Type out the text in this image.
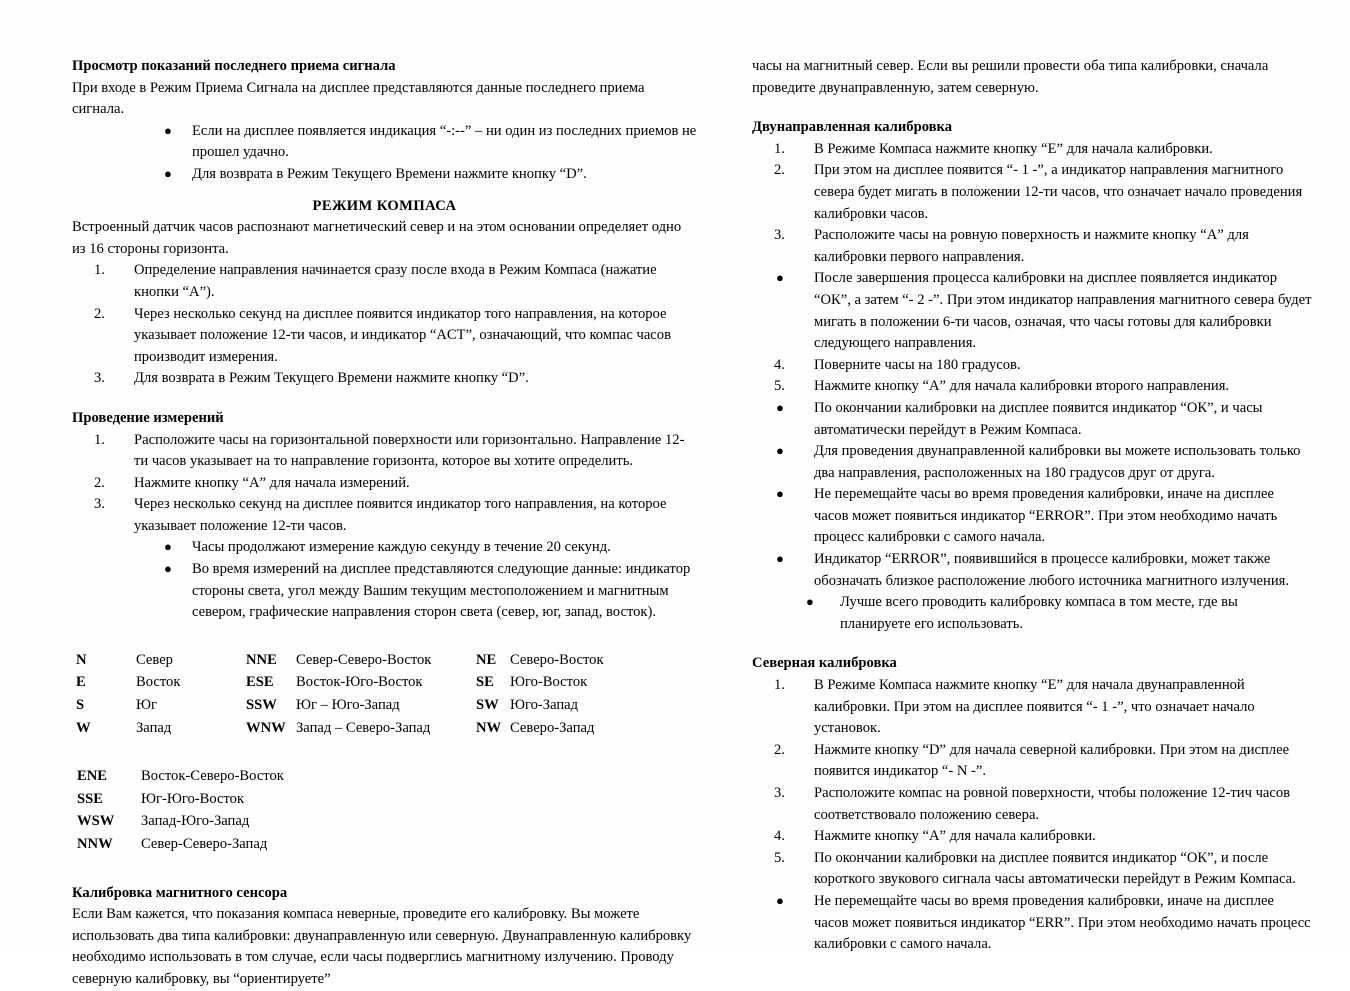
Просмотр показаний последнего приема сигнала

При входе в Режим Приема Сигнала на дисплее представляются данные последнего приема сигнала.

● Если на дисплее появляется индикация “-:--” – ни один из последних приемов не прошел удачно.
● Для возврата в Режим Текущего Времени нажмите кнопку “D”.
РЕЖИМ КОМПАСА

Встроенный датчик часов распознают магнетический север и на этом основании определяет одно из 16 стороны горизонта.

1.	Определение направления начинается сразу после входа в Режим Компаса (нажатие кнопки “А”).
2.	Через несколько секунд на дисплее появится индикатор того направления, на которое указывает положение 12-ти часов, и индикатор “ACT”, означающий, что компас часов производит измерения.
3.	Для возврата в Режим Текущего Времени нажмите кнопку “D”.
Проведение измерений
1.	Расположите часы на горизонтальной поверхности или горизонтально. Направление 12-ти часов указывает на то направление горизонта, которое вы хотите определить.
2.	Нажмите кнопку “А” для начала измерений.
3.	Через несколько секунд на дисплее появится индикатор того направления, на которое указывает положение 12-ти часов.
● Часы продолжают измерение каждую секунду в течение 20 секунд.
● Во время измерений на дисплее представляются следующие данные: индикатор стороны света, угол между Вашим текущим местоположением и магнитным севером, графические направления сторон света (север, юг, запад, восток).
N	Север	NNE	Север-Северо-Восток	NE	Северо-Восток
E	Восток	ESE	Восток-Юго-Восток	SE	Юго-Восток
S	Юг	SSW	Юг – Юго-Запад	SW	Юго-Запад
W	Запад	WNW	Запад – Северо-Запад	NW	Северо-Запад
ENE	Восток-Северо-Восток
SSE	Юг-Юго-Восток
WSW	Запад-Юго-Запад
NNW	Север-Северо-Запад
Калибровка магнитного сенсора

Если Вам кажется, что показания компаса неверные, проведите его калибровку. Вы можете использовать два типа калибровки: двунаправленную или северную. Двунаправленную калибровку необходимо использовать в том случае, если часы подверглись магнитному излучению. Проводу северную калибровку, вы “ориентируете”

часы на магнитный север. Если вы решили провести оба типа калибровки, сначала проведите двунаправленную, затем северную.

Двунаправленная калибровка
1.	В Режиме Компаса нажмите кнопку “Е” для начала калибровки.
2.	При этом на дисплее появится “- 1 -”, а индикатор направления магнитного севера будет мигать в положении 12-ти часов, что означает начало проведения калибровки часов.
3.	Расположите часы на ровную поверхность и нажмите кнопку “А” для калибровки первого направления.
● После завершения процесса калибровки на дисплее появляется индикатор “ОК”, а затем “- 2 -”. При этом индикатор направления магнитного севера будет мигать в положении 6-ти часов, означая, что часы готовы для калибровки следующего направления.
4.	Поверните часы на 180 градусов.
5.	Нажмите кнопку “А” для начала калибровки второго направления.
● По окончании калибровки на дисплее появится индикатор “ОК”, и часы автоматически перейдут в Режим Компаса.
● Для проведения двунаправленной калибровки вы можете использовать только два направления, расположенных на 180 градусов друг от друга.
● Не перемещайте часы во время проведения калибровки, иначе на дисплее часов может появиться индикатор “ERROR”. При этом необходимо начать процесс калибровки с самого начала.
● Индикатор “ERROR”, появившийся в процессе калибровки, может также обозначать близкое расположение любого источника магнитного излучения.
● Лучше всего проводить калибровку компаса в том месте, где вы планируете его использовать.
Северная калибровка
1.	В Режиме Компаса нажмите кнопку “Е” для начала двунаправленной калибровки. При этом на дисплее появится “- 1 -”, что означает начало установок.
2.	Нажмите кнопку “D” для начала северной калибровки. При этом на дисплее появится индикатор “- N -”.
3.	Расположите компас на ровной поверхности, чтобы положение 12-тич часов соответствовало положению севера.
4.	Нажмите кнопку “А” для начала калибровки.
5.	По окончании калибровки на дисплее появится индикатор “ОК”, и после короткого звукового сигнала часы автоматически перейдут в Режим Компаса.
● Не перемещайте часы во время проведения калибровки, иначе на дисплее часов может появиться индикатор “ERR”. При этом необходимо начать процесс калибровки с самого начала.
